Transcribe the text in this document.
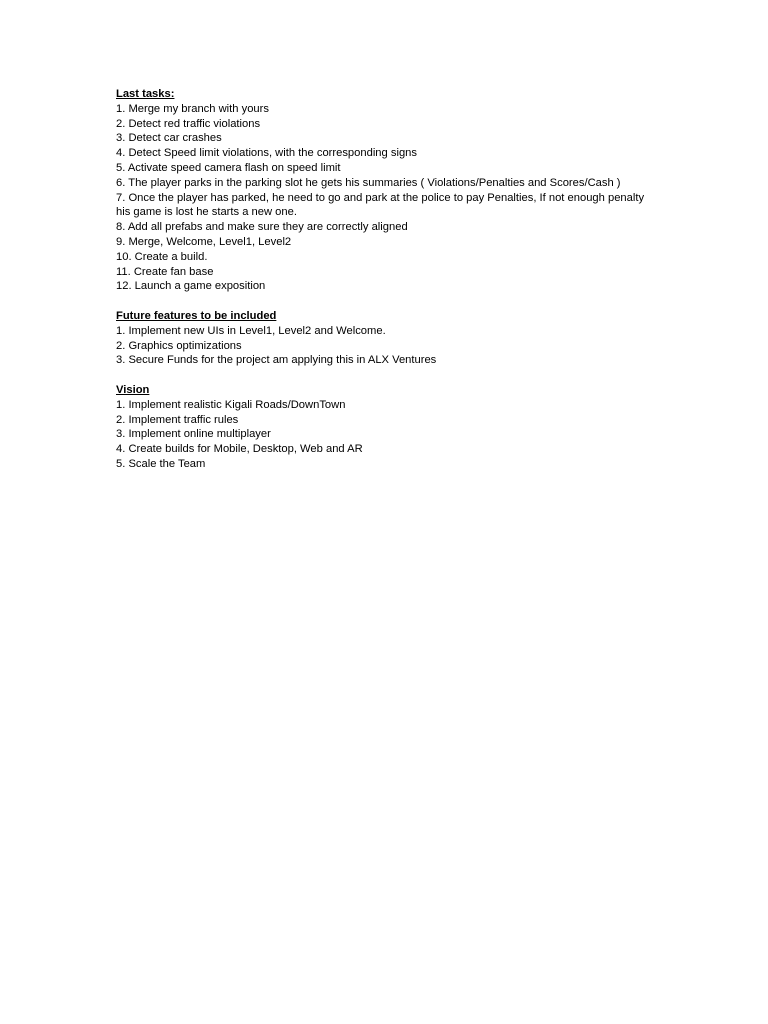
Last tasks:

1. Merge my branch with yours
2. Detect red traffic violations
3. Detect car crashes
4. Detect Speed limit violations, with the corresponding signs
5. Activate speed camera flash on speed limit
6. The player parks in the parking slot he gets his summaries ( Violations/Penalties and Scores/Cash )
7. Once the player has parked, he need to go and park at the police to pay Penalties, If not enough penalty his game is lost he starts a new one.
8. Add all prefabs and make sure they are correctly aligned
9. Merge, Welcome, Level1, Level2
10. Create a build.
11. Create fan base
12. Launch a game exposition

Future features to be included

1. Implement new UIs in Level1, Level2 and Welcome.
2. Graphics optimizations
3. Secure Funds for the project am applying this in ALX Ventures

Vision

1. Implement realistic Kigali Roads/DownTown
2. Implement traffic rules
3. Implement online multiplayer
4. Create builds for Mobile, Desktop, Web and AR
5. Scale the Team
